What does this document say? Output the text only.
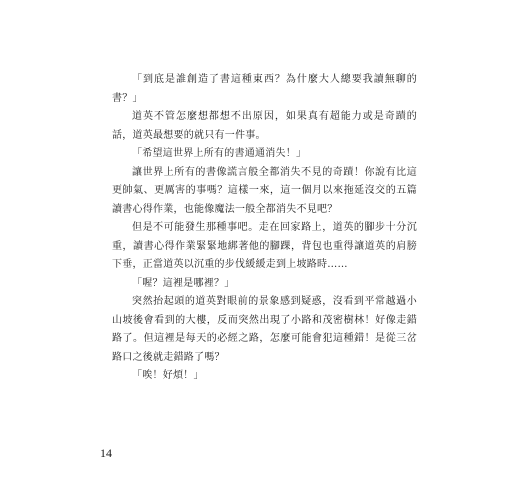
「到底是誰創造了書這種東西？為什麼大人總要我讀無聊的書？」

道英不管怎麼想都想不出原因，如果真有超能力或是奇蹟的話，道英最想要的就只有一件事。

「希望這世界上所有的書通通消失！」

讓世界上所有的書像謊言般全都消失不見的奇蹟！你說有比這更帥氣、更厲害的事嗎？這樣一來，這一個月以來拖延沒交的五篇讀書心得作業，也能像魔法一般全都消失不見吧？

但是不可能發生那種事吧。走在回家路上，道英的腳步十分沉重，讀書心得作業緊緊地綁著他的腳踝，背包也重得讓道英的肩膀下垂，正當道英以沉重的步伐緩緩走到上坡路時……

「喔？這裡是哪裡？」

突然抬起頭的道英對眼前的景象感到疑惑，沒看到平常越過小山坡後會看到的大樓，反而突然出現了小路和茂密樹林！好像走錯路了。但這裡是每天的必經之路，怎麼可能會犯這種錯！是從三岔路口之後就走錯路了嗎？

「唉！好煩！」

14
